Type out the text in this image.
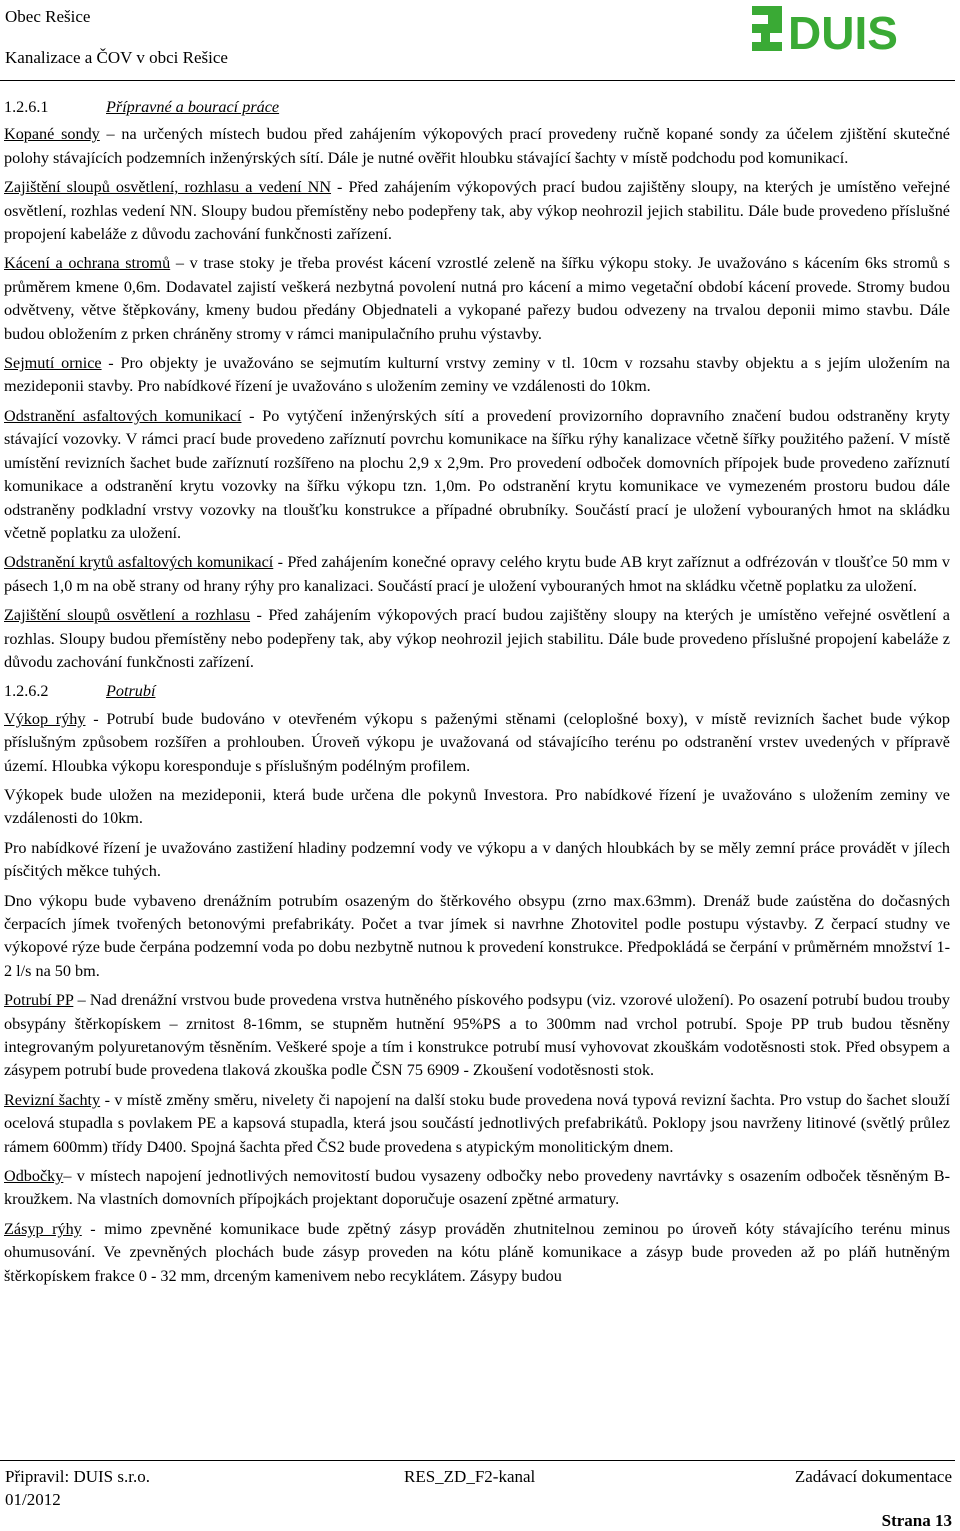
Obec Rešice
Kanalizace a ČOV v obci Rešice	DUIS
1.2.6.1	Přípravné a bourací práce
Kopané sondy – na určených místech budou před zahájením výkopových prací provedeny ručně kopané sondy za účelem zjištění skutečné polohy stávajících podzemních inženýrských sítí. Dále je nutné ověřit hloubku stávající šachty v místě podchodu pod komunikací.
Zajištění sloupů osvětlení, rozhlasu a vedení NN - Před zahájením výkopových prací budou zajištěny sloupy, na kterých je umístěno veřejné osvětlení, rozhlas vedení NN. Sloupy budou přemístěny nebo podepřeny tak, aby výkop neohrozil jejich stabilitu. Dále bude provedeno příslušné propojení kabeláže z důvodu zachování funkčnosti zařízení.
Kácení a ochrana stromů – v trase stoky je třeba provést kácení vzrostlé zeleně na šířku výkopu stoky. Je uvažováno s kácením 6ks stromů s průměrem kmene 0,6m. Dodavatel zajistí veškerá nezbytná povolení nutná pro kácení a mimo vegetační období kácení provede. Stromy budou odvětveny, větve štěpkovány, kmeny budou předány Objednateli a vykopané pařezy budou odvezeny na trvalou deponii mimo stavbu. Dále budou obložením z prken chráněny stromy v rámci manipulačního pruhu výstavby.
Sejmutí ornice - Pro objekty je uvažováno se sejmutím kulturní vrstvy zeminy v tl. 10cm v rozsahu stavby objektu a s jejím uložením na mezideponii stavby. Pro nabídkové řízení je uvažováno s uložením zeminy ve vzdálenosti do 10km.
Odstranění asfaltových komunikací - Po vytýčení inženýrských sítí a provedení provizorního dopravního značení budou odstraněny kryty stávající vozovky. V rámci prací bude provedeno zaříznutí povrchu komunikace na šířku rýhy kanalizace včetně šířky použitého pažení. V místě umístění revizních šachet bude zaříznutí rozšířeno na plochu 2,9 x 2,9m. Pro provedení odboček domovních přípojek bude provedeno zaříznutí komunikace a odstranění krytu vozovky na šířku výkopu tzn. 1,0m. Po odstranění krytu komunikace ve vymezeném prostoru budou dále odstraněny podkladní vrstvy vozovky na tloušťku konstrukce a případné obrubníky. Součástí prací je uložení vybouraných hmot na skládku včetně poplatku za uložení.
Odstranění krytů asfaltových komunikací - Před zahájením konečné opravy celého krytu bude AB kryt zaříznut a odfrézován v tloušťce 50 mm v pásech 1,0 m na obě strany od hrany rýhy pro kanalizaci. Součástí prací je uložení vybouraných hmot na skládku včetně poplatku za uložení.
Zajištění sloupů osvětlení a rozhlasu - Před zahájením výkopových prací budou zajištěny sloupy na kterých je umístěno veřejné osvětlení a rozhlas. Sloupy budou přemístěny nebo podepřeny tak, aby výkop neohrozil jejich stabilitu. Dále bude provedeno příslušné propojení kabeláže z důvodu zachování funkčnosti zařízení.
1.2.6.2	Potrubí
Výkop rýhy - Potrubí bude budováno v otevřeném výkopu s paženými stěnami (celoplošné boxy), v místě revizních šachet bude výkop příslušným způsobem rozšířen a prohlouben. Úroveň výkopu je uvažovaná od stávajícího terénu po odstranění vrstev uvedených v přípravě území. Hloubka výkopu koresponduje s příslušným podélným profilem.
Výkopek bude uložen na mezideponii, která bude určena dle pokynů Investora. Pro nabídkové řízení je uvažováno s uložením zeminy ve vzdálenosti do 10km.
Pro nabídkové řízení je uvažováno zastižení hladiny podzemní vody ve výkopu a v daných hloubkách by se měly zemní práce provádět v jílech písčitých měkce tuhých.
Dno výkopu bude vybaveno drenážním potrubím osazeným do štěrkového obsypu (zrno max.63mm). Drenáž bude zaústěna do dočasných čerpacích jímek tvořených betonovými prefabrikáty. Počet a tvar jímek si navrhne Zhotovitel podle postupu výstavby. Z čerpací studny ve výkopové rýze bude čerpána podzemní voda po dobu nezbytně nutnou k provedení konstrukce. Předpokládá se čerpání v průměrném množství 1-2 l/s na 50 bm.
Potrubí PP – Nad drenážní vrstvou bude provedena vrstva hutněného pískového podsypu (viz. vzorové uložení). Po osazení potrubí budou trouby obsypány štěrkopískem – zrnitost 8-16mm, se stupněm hutnění 95%PS a to 300mm nad vrchol potrubí. Spoje PP trub budou těsněny integrovaným polyuretanovým těsněním. Veškeré spoje a tím i konstrukce potrubí musí vyhovovat zkouškám vodotěsnosti stok. Před obsypem a zásypem potrubí bude provedena tlaková zkouška podle ČSN 75 6909 - Zkoušení vodotěsnosti stok.
Revizní šachty - v místě změny směru, nivelety či napojení na další stoku bude provedena nová typová revizní šachta. Pro vstup do šachet slouží ocelová stupadla s povlakem PE a kapsová stupadla, která jsou součástí jednotlivých prefabrikátů. Poklopy jsou navrženy litinové (světlý průlez rámem 600mm) třídy D400. Spojná šachta před ČS2 bude provedena s atypickým monolitickým dnem.
Odbočky– v místech napojení jednotlivých nemovitostí budou vysazeny odbočky nebo provedeny navrtávky s osazením odboček těsněným B-kroužkem. Na vlastních domovních přípojkách projektant doporučuje osazení zpětné armatury.
Zásyp rýhy - mimo zpevněné komunikace bude zpětný zásyp prováděn zhutnitelnou zeminou po úroveň kóty stávajícího terénu minus ohumusování. Ve zpevněných plochách bude zásyp proveden na kótu pláně komunikace a zásyp bude proveden až po pláň hutněným štěrkopískem frakce 0 - 32 mm, drceným kamenivem nebo recyklátem. Zásypy budou
Připravil: DUIS s.r.o.	RES_ZD_F2-kanal	Zadávací dokumentace
01/2012
Strana 13
